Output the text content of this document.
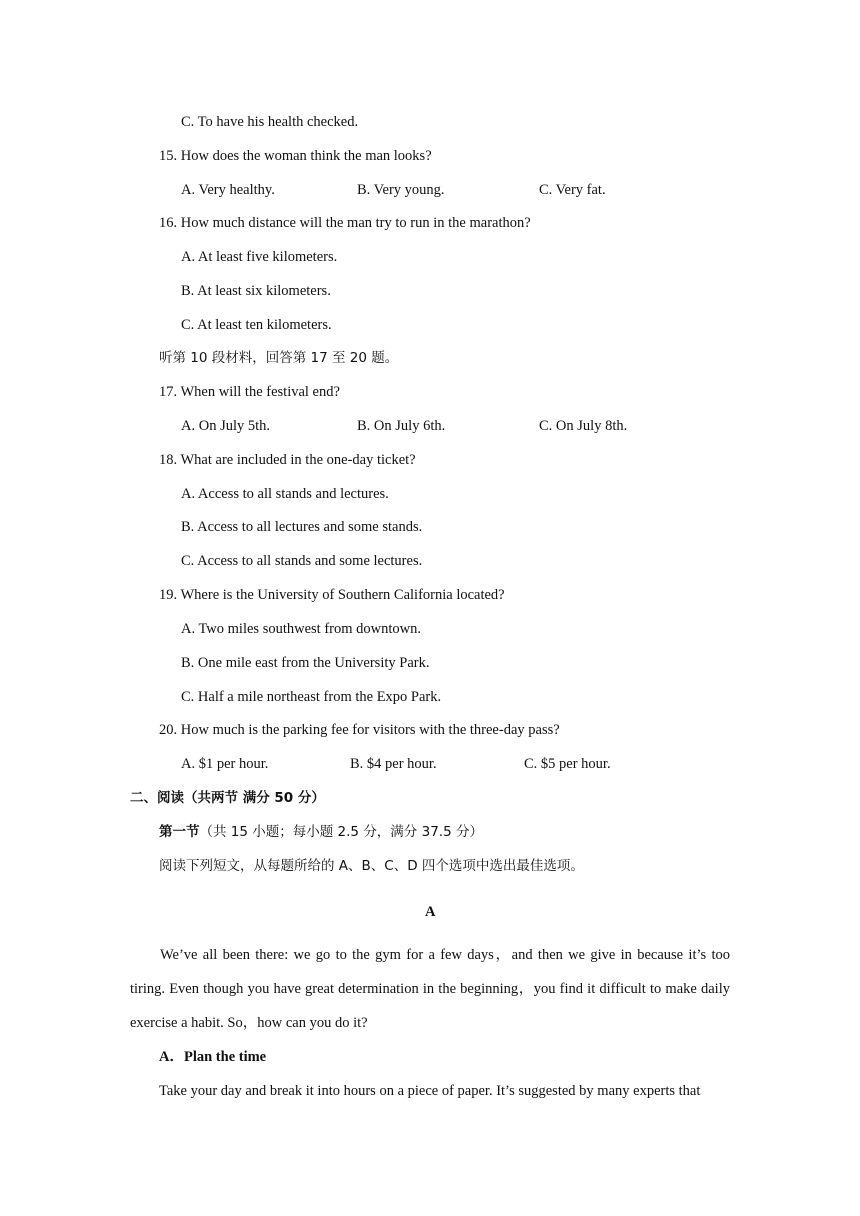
C. To have his health checked.
15. How does the woman think the man looks?
A. Very healthy.	B. Very young.	C. Very fat.
16. How much distance will the man try to run in the marathon?
A. At least five kilometers.
B. At least six kilometers.
C. At least ten kilometers.
听第 10 段材料，回答第 17 至 20 题。
17. When will the festival end?
A. On July 5th.	B. On July 6th.	C. On July 8th.
18. What are included in the one-day ticket?
A. Access to all stands and lectures.
B. Access to all lectures and some stands.
C. Access to all stands and some lectures.
19. Where is the University of Southern California located?
A. Two miles southwest from downtown.
B. One mile east from the University Park.
C. Half a mile northeast from the Expo Park.
20. How much is the parking fee for visitors with the three-day pass?
A. $1 per hour.	B. $4 per hour.	C. $5 per hour.
二、阅读（共两节 满分 50 分）
第一节（共 15 小题；每小题 2.5 分，满分 37.5 分）
阅读下列短文，从每题所给的 A、B、C、D 四个选项中选出最佳选项。
A
We’ve all been there: we go to the gym for a few days，and then we give in because it’s too tiring. Even though you have great determination in the beginning，you find it difficult to make daily exercise a habit. So，how can you do it?
A．Plan the time
Take your day and break it into hours on a piece of paper. It’s suggested by many experts that
